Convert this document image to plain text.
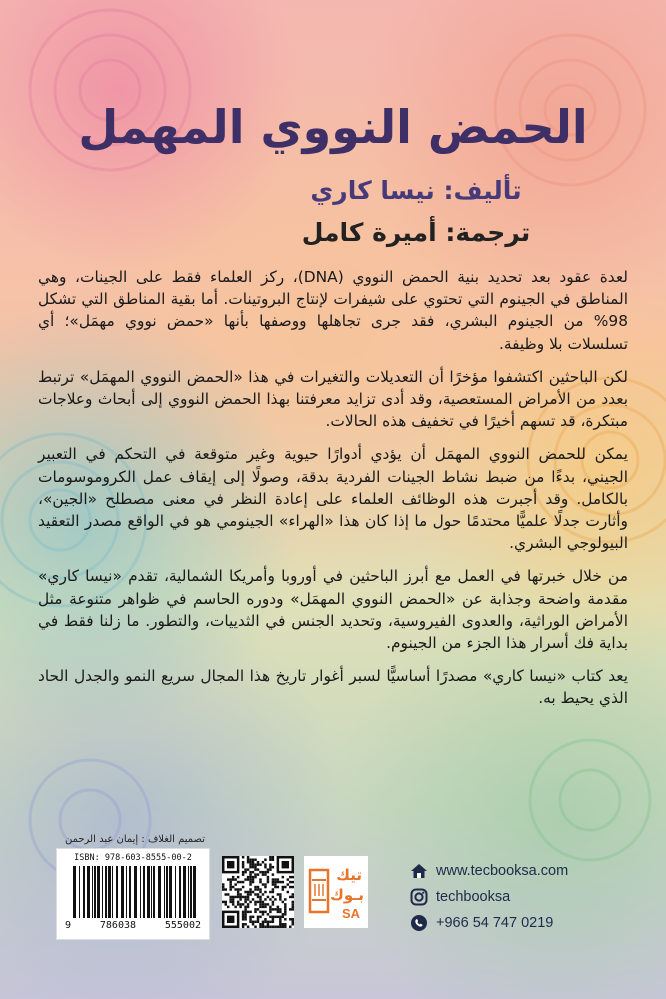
الحمض النووي المهمل
تأليف: نيسا كاري
ترجمة: أميرة كامل

لعدة عقود بعد تحديد بنية الحمض النووي (DNA)، ركز العلماء فقط على الجينات، وهي المناطق في الجينوم التي تحتوي على شيفرات لإنتاج البروتينات. أما بقية المناطق التي تشكل 98% من الجينوم البشري، فقد جرى تجاهلها ووصفها بأنها «حمض نووي مهمَل»؛ أي تسلسلات بلا وظيفة.

لكن الباحثين اكتشفوا مؤخرًا أن التعديلات والتغيرات في هذا «الحمض النووي المهمَل» ترتبط بعدد من الأمراض المستعصية، وقد أدى تزايد معرفتنا بهذا الحمض النووي إلى أبحاث وعلاجات مبتكرة، قد تسهم أخيرًا في تخفيف هذه الحالات.

يمكن للحمض النووي المهمَل أن يؤدي أدوارًا حيوية وغير متوقعة في التحكم في التعبير الجيني، بدءًا من ضبط نشاط الجينات الفردية بدقة، وصولًا إلى إيقاف عمل الكروموسومات بالكامل. وقد أجبرت هذه الوظائف العلماء على إعادة النظر في معنى مصطلح «الجين»، وأثارت جدلًا علميًّا محتدمًا حول ما إذا كان هذا «الهراء» الجينومي هو في الواقع مصدر التعقيد البيولوجي البشري.

من خلال خبرتها في العمل مع أبرز الباحثين في أوروبا وأمريكا الشمالية، تقدم «نيسا كاري» مقدمة واضحة وجذابة عن «الحمض النووي المهمَل» ودوره الحاسم في ظواهر متنوعة مثل الأمراض الوراثية، والعدوى الفيروسية، وتحديد الجنس في الثدييات، والتطور. ما زلنا فقط في بداية فك أسرار هذا الجزء من الجينوم.

يعد كتاب «نيسا كاري» مصدرًا أساسيًّا لسبر أغوار تاريخ هذا المجال سريع النمو والجدل الحاد الذي يحيط به.

تصميم الغلاف : إيمان عبد الرحمن
ISBN: 978-603-8555-00-2
9	786038	555002
تيك
بـوك
SA
www.tecbooksa.com
techbooksa
+966 54 747 0219
